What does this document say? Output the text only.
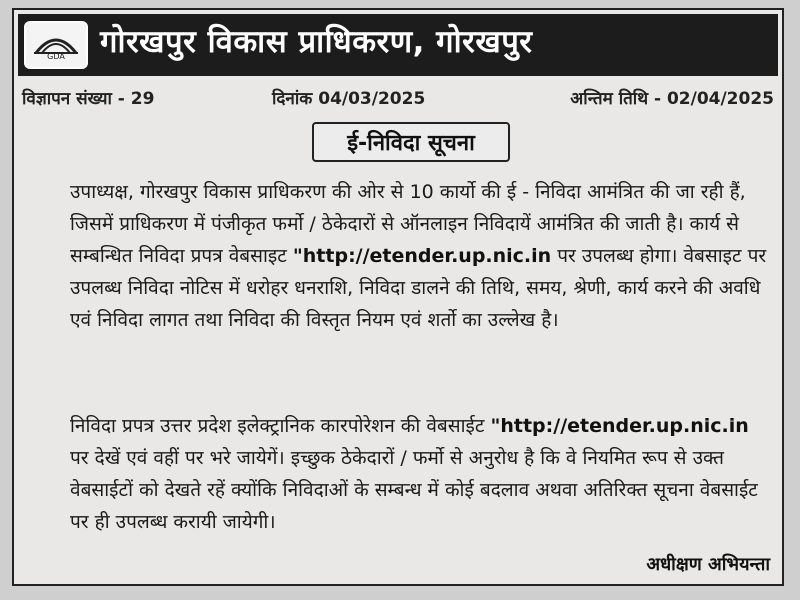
GDA	गोरखपुर विकास प्राधिकरण, गोरखपुर
विज्ञापन संख्या - 29	दिनांक 04/03/2025	अन्तिम तिथि - 02/04/2025
ई-निविदा सूचना
उपाध्यक्ष, गोरखपुर विकास प्राधिकरण की ओर से 10 कार्यो की ई - निविदा आमंत्रित की जा रही हैं, जिसमें प्राधिकरण में पंजीकृत फर्मो / ठेकेदारों से ऑनलाइन निविदायें आमंत्रित की जाती है। कार्य से सम्बन्धित निविदा प्रपत्र वेबसाइट "http://etender.up.nic.in पर उपलब्ध होगा। वेबसाइट पर उपलब्ध निविदा नोटिस में धरोहर धनराशि, निविदा डालने की तिथि, समय, श्रेणी, कार्य करने की अवधि एवं निविदा लागत तथा निविदा की विस्तृत नियम एवं शर्तो का उल्लेख है।
निविदा प्रपत्र उत्तर प्रदेश इलेक्ट्रानिक कारपोरेशन की वेबसाईट "http://etender.up.nic.in पर देखें एवं वहीं पर भरे जायेगें। इच्छुक ठेकेदारों / फर्मो से अनुरोध है कि वे नियमित रूप से उक्त वेबसाईटों को देखते रहें क्योंकि निविदाओं के सम्बन्ध में कोई बदलाव अथवा अतिरिक्त सूचना वेबसाईट पर ही उपलब्ध करायी जायेगी।
अधीक्षण अभियन्ता
